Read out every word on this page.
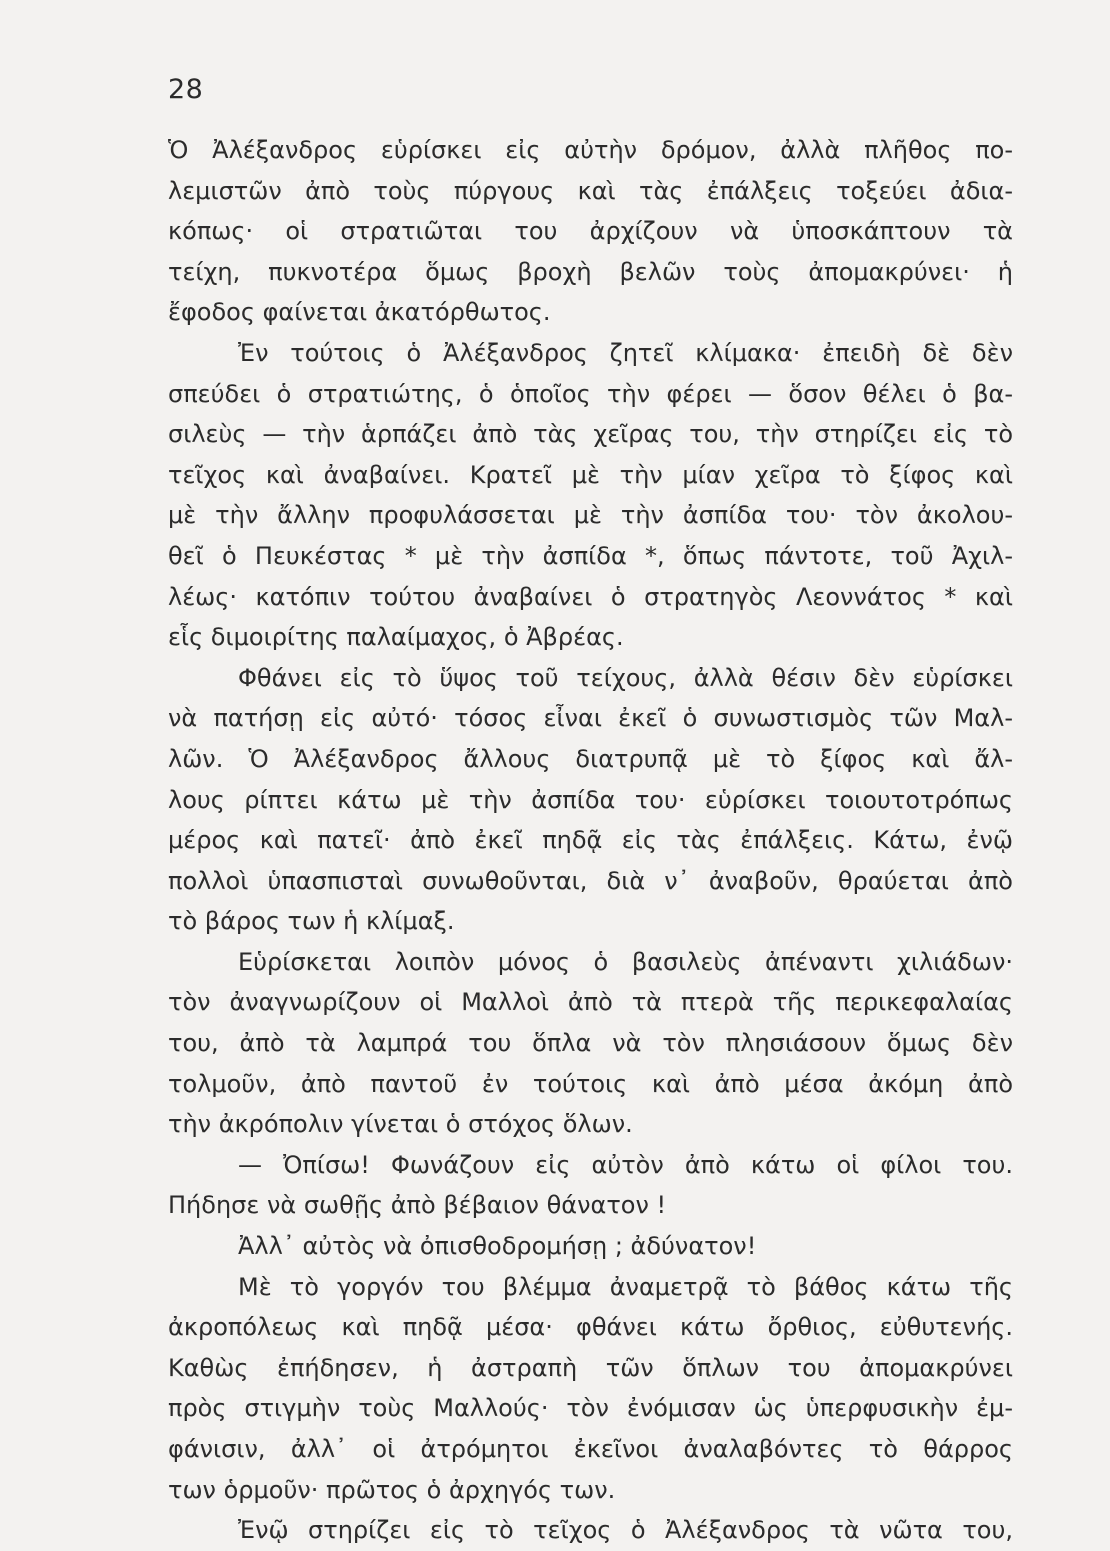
28
Ὁ Ἀλέξανδρος εὑρίσκει εἰς αὐτὴν δρόμον, ἀλλὰ πλῆθος πο-
λεμιστῶν ἀπὸ τοὺς πύργους καὶ τὰς ἐπάλξεις τοξεύει ἀδια-
κόπως· οἱ στρατιῶται του ἀρχίζουν νὰ ὑποσκάπτουν τὰ
τείχη, πυκνοτέρα ὅμως βροχὴ βελῶν τοὺς ἀπομακρύνει· ἡ
ἔφοδος φαίνεται ἀκατόρθωτος.
Ἐν τούτοις ὁ Ἀλέξανδρος ζητεῖ κλίμακα· ἐπειδὴ δὲ δὲν
σπεύδει ὁ στρατιώτης, ὁ ὁποῖος τὴν φέρει — ὅσον θέλει ὁ βα-
σιλεὺς — τὴν ἁρπάζει ἀπὸ τὰς χεῖρας του, τὴν στηρίζει εἰς τὸ
τεῖχος καὶ ἀναβαίνει. Κρατεῖ μὲ τὴν μίαν χεῖρα τὸ ξίφος καὶ
μὲ τὴν ἄλλην προφυλάσσεται μὲ τὴν ἀσπίδα του· τὸν ἀκολου-
θεῖ ὁ Πευκέστας * μὲ τὴν ἀσπίδα *, ὅπως πάντοτε, τοῦ Ἀχιλ-
λέως· κατόπιν τούτου ἀναβαίνει ὁ στρατηγὸς Λεοννάτος * καὶ
εἷς διμοιρίτης παλαίμαχος, ὁ Ἀβρέας.
Φθάνει εἰς τὸ ὕψος τοῦ τείχους, ἀλλὰ θέσιν δὲν εὑρίσκει
νὰ πατήσῃ εἰς αὐτό· τόσος εἶναι ἐκεῖ ὁ συνωστισμὸς τῶν Μαλ-
λῶν. Ὁ Ἀλέξανδρος ἄλλους διατρυπᾷ μὲ τὸ ξίφος καὶ ἄλ-
λους ρίπτει κάτω μὲ τὴν ἀσπίδα του· εὑρίσκει τοιουτοτρόπως
μέρος καὶ πατεῖ· ἀπὸ ἐκεῖ πηδᾷ εἰς τὰς ἐπάλξεις. Κάτω, ἐνῷ
πολλοὶ ὑπασπισταὶ συνωθοῦνται, διὰ ν᾽ ἀναβοῦν, θραύεται ἀπὸ
τὸ βάρος των ἡ κλίμαξ.
Εὑρίσκεται λοιπὸν μόνος ὁ βασιλεὺς ἀπέναντι χιλιάδων·
τὸν ἀναγνωρίζουν οἱ Μαλλοὶ ἀπὸ τὰ πτερὰ τῆς περικεφαλαίας
του, ἀπὸ τὰ λαμπρά του ὅπλα νὰ τὸν πλησιάσουν ὅμως δὲν
τολμοῦν, ἀπὸ παντοῦ ἐν τούτοις καὶ ἀπὸ μέσα ἀκόμη ἀπὸ
τὴν ἀκρόπολιν γίνεται ὁ στόχος ὅλων.
— Ὀπίσω! Φωνάζουν εἰς αὐτὸν ἀπὸ κάτω οἱ φίλοι του.
Πήδησε νὰ σωθῇς ἀπὸ βέβαιον θάνατον !
Ἀλλ᾽ αὐτὸς νὰ ὀπισθοδρομήσῃ ; ἀδύνατον!
Μὲ τὸ γοργόν του βλέμμα ἀναμετρᾷ τὸ βάθος κάτω τῆς
ἀκροπόλεως καὶ πηδᾷ μέσα· φθάνει κάτω ὄρθιος, εὐθυτενής.
Καθὼς ἐπήδησεν, ἡ ἀστραπὴ τῶν ὅπλων του ἀπομακρύνει
πρὸς στιγμὴν τοὺς Μαλλούς· τὸν ἐνόμισαν ὡς ὑπερφυσικὴν ἐμ-
φάνισιν, ἀλλ᾽ οἱ ἀτρόμητοι ἐκεῖνοι ἀναλαβόντες τὸ θάρρος
των ὁρμοῦν· πρῶτος ὁ ἀρχηγός των.
Ἐνῷ στηρίζει εἰς τὸ τεῖχος ὁ Ἀλέξανδρος τὰ νῶτα του,
